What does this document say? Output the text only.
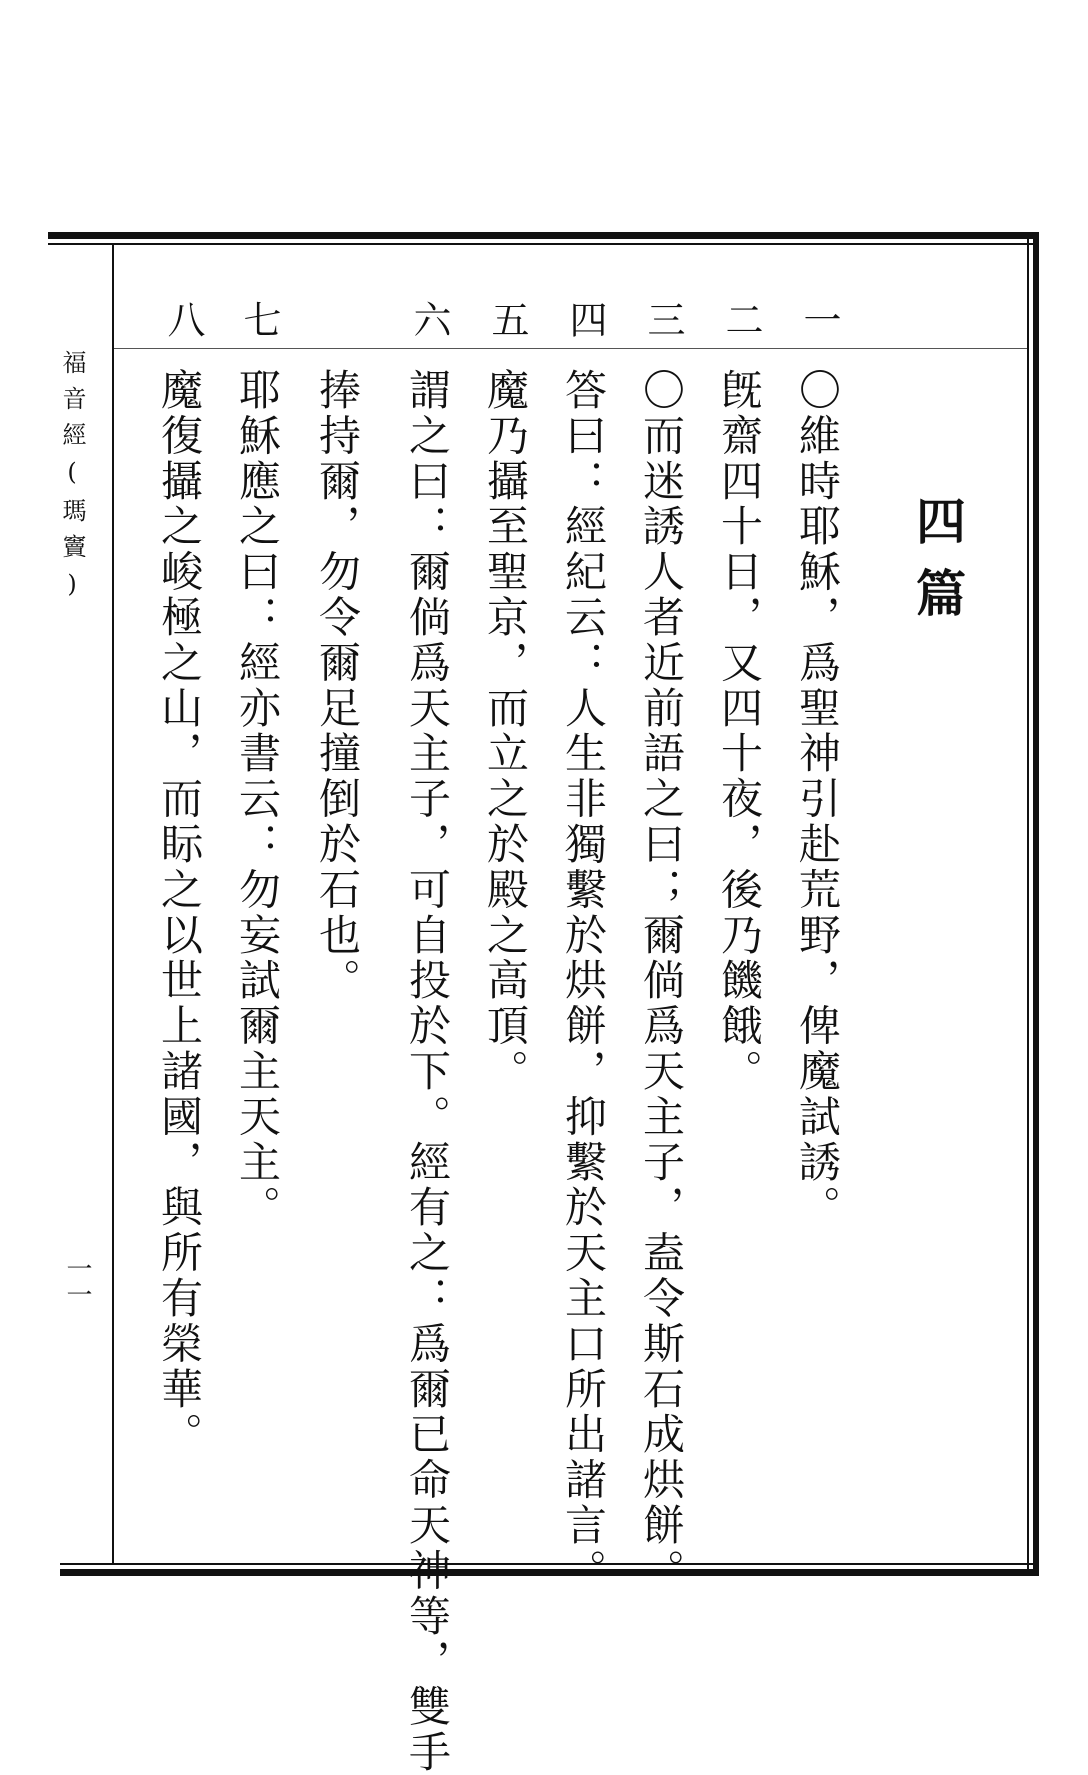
福音經(瑪竇)
一一
四篇
一
二
三
四
五
六
七
八
〇維時耶穌，爲聖神引赴荒野，俾魔試誘。
旣齋四十日，又四十夜，後乃饑餓。
〇而迷誘人者近前語之曰；爾倘爲天主子，盍令斯石成烘餅。
答曰：經紀云：人生非獨繫於烘餅，抑繫於天主口所出諸言。
魔乃攝至聖京，而立之於殿之高頂。
謂之曰：爾倘爲天主子，可自投於下。經有之：爲爾已命天神等，雙手
捧持爾，勿令爾足撞倒於石也。
耶穌應之曰：經亦書云：勿妄試爾主天主。
魔復攝之峻極之山，而眎之以世上諸國，與所有榮華。
